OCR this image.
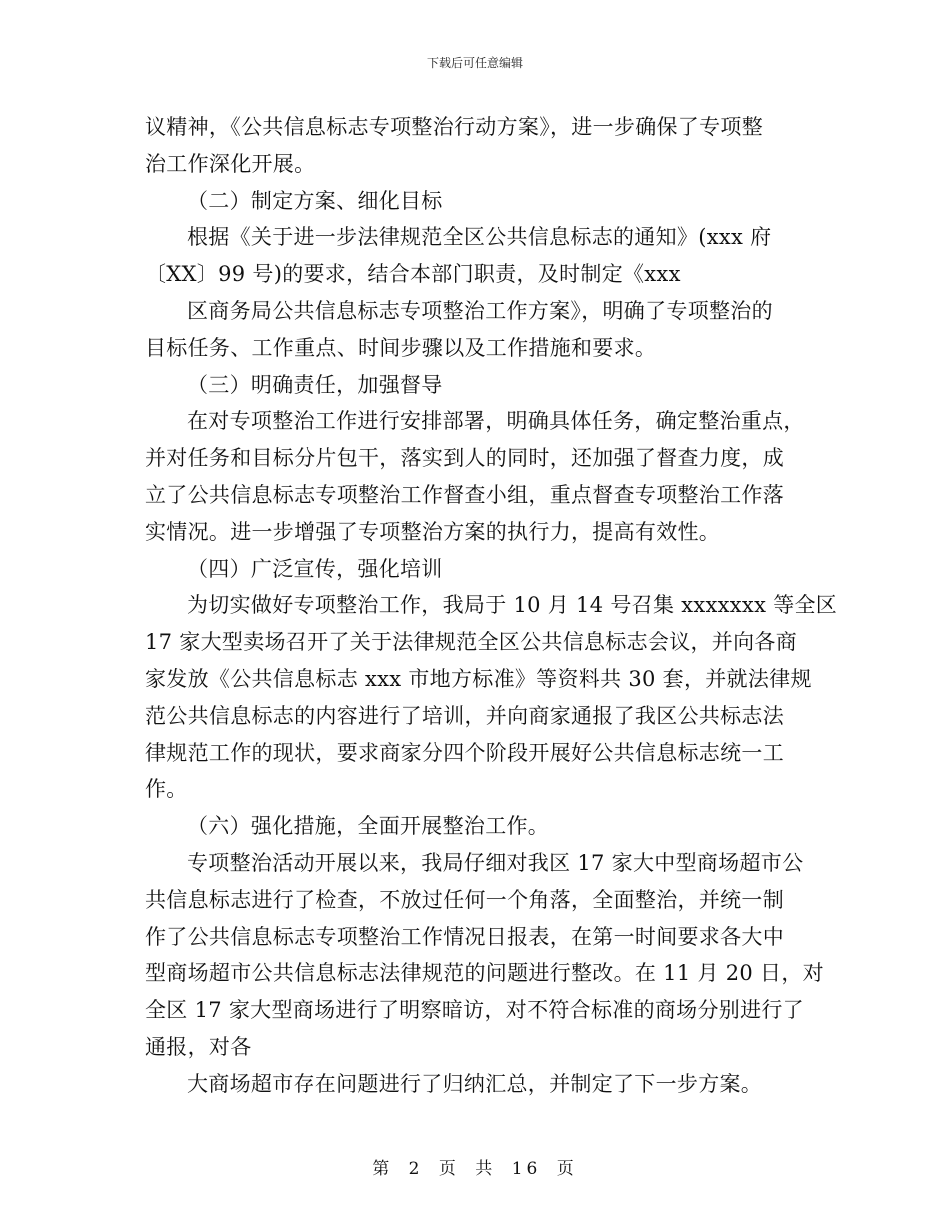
下载后可任意编辑
议精神，《公共信息标志专项整治行动方案》，进一步确保了专项整
治工作深化开展。
（二）制定方案、细化目标
根据《关于进一步法律规范全区公共信息标志的通知》(xxx 府
〔XX〕99 号)的要求，结合本部门职责，及时制定《xxx
区商务局公共信息标志专项整治工作方案》，明确了专项整治的
目标任务、工作重点、时间步骤以及工作措施和要求。
（三）明确责任，加强督导
在对专项整治工作进行安排部署，明确具体任务，确定整治重点，
并对任务和目标分片包干，落实到人的同时，还加强了督查力度，成
立了公共信息标志专项整治工作督查小组，重点督查专项整治工作落
实情况。进一步增强了专项整治方案的执行力，提高有效性。
（四）广泛宣传，强化培训
为切实做好专项整治工作，我局于 10 月 14 号召集 xxxxxxx 等全区
17 家大型卖场召开了关于法律规范全区公共信息标志会议，并向各商
家发放《公共信息标志 xxx 市地方标准》等资料共 30 套，并就法律规
范公共信息标志的内容进行了培训，并向商家通报了我区公共标志法
律规范工作的现状，要求商家分四个阶段开展好公共信息标志统一工
作。
（六）强化措施，全面开展整治工作。
专项整治活动开展以来，我局仔细对我区 17 家大中型商场超市公
共信息标志进行了检查，不放过任何一个角落，全面整治，并统一制
作了公共信息标志专项整治工作情况日报表，在第一时间要求各大中
型商场超市公共信息标志法律规范的问题进行整改。在 11 月 20 日，对
全区 17 家大型商场进行了明察暗访，对不符合标准的商场分别进行了
通报，对各
大商场超市存在问题进行了归纳汇总，并制定了下一步方案。
第 2 页 共 16 页
